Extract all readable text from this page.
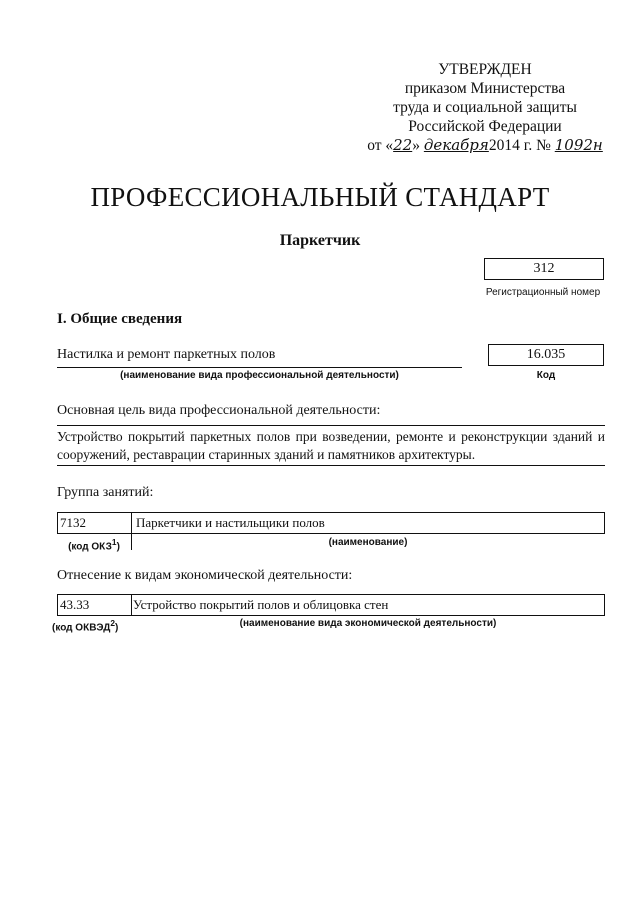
УТВЕРЖДЕН
приказом Министерства
труда и социальной защиты
Российской Федерации
от «22» декабря2014 г. № 1092н
ПРОФЕССИОНАЛЬНЫЙ СТАНДАРТ
Паркетчик
312
Регистрационный номер
I. Общие сведения
Настилка и ремонт паркетных полов
(наименование вида профессиональной деятельности)
16.035
Код
Основная цель вида профессиональной деятельности:
Устройство покрытий паркетных полов при возведении, ремонте и реконструкции зданий и сооружений, реставрации старинных зданий и памятников архитектуры.
Группа занятий:
7132	Паркетчики и настильщики полов
(код ОКЗ$^1$)	(наименование)
Отнесение к видам экономической деятельности:
43.33	Устройство покрытий полов и облицовка стен
(код ОКВЭД$^2$)	(наименование вида экономической деятельности)
